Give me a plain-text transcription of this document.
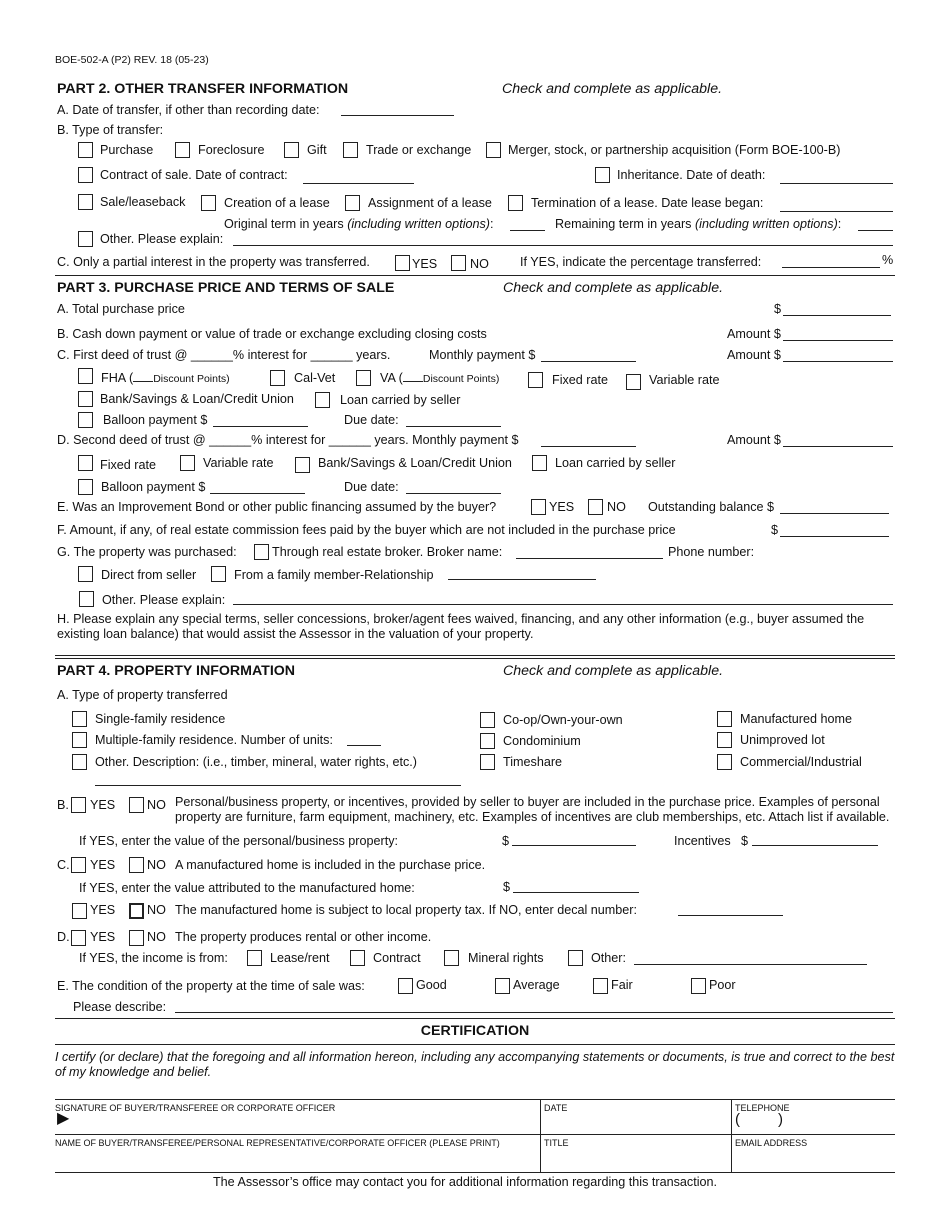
BOE-502-A (P2) REV. 18 (05-23)
PART 2. OTHER TRANSFER INFORMATION	Check and complete as applicable.
A. Date of transfer, if other than recording date:
B. Type of transfer:
Purchase	Foreclosure	Gift	Trade or exchange	Merger, stock, or partnership acquisition (Form BOE-100-B)
Contract of sale. Date of contract:	Inheritance. Date of death:
Sale/leaseback	Creation of a lease	Assignment of a lease	Termination of a lease. Date lease began:
Original term in years (including written options):	Remaining term in years (including written options):
Other. Please explain:
C. Only a partial interest in the property was transferred.	YES	NO If YES, indicate the percentage transferred:	%
PART 3. PURCHASE PRICE AND TERMS OF SALE	Check and complete as applicable.
A. Total purchase price	$
B. Cash down payment or value of trade or exchange excluding closing costs	Amount $
C. First deed of trust @ ______% interest for ______ years.	Monthly payment $	Amount $
FHA ( Discount Points)	Cal-Vet	VA ( Discount Points)	Fixed rate	Variable rate
Bank/Savings & Loan/Credit Union	Loan carried by seller
Balloon payment $	Due date:
D. Second deed of trust @ ______% interest for ______ years. Monthly payment $	Amount $
Fixed rate	Variable rate	Bank/Savings & Loan/Credit Union	Loan carried by seller
Balloon payment $	Due date:
E. Was an Improvement Bond or other public financing assumed by the buyer?	YES	NO Outstanding balance $
F. Amount, if any, of real estate commission fees paid by the buyer which are not included in the purchase price	$
G. The property was purchased:	Through real estate broker. Broker name:	Phone number:
Direct from seller	From a family member-Relationship
Other. Please explain:
H. Please explain any special terms, seller concessions, broker/agent fees waived, financing, and any other information (e.g., buyer assumed the existing loan balance) that would assist the Assessor in the valuation of your property.
PART 4. PROPERTY INFORMATION	Check and complete as applicable.
A. Type of property transferred
Single-family residence
Multiple-family residence. Number of units:
Other. Description: (i.e., timber, mineral, water rights, etc.)
Co-op/Own-your-own
Condominium
Timeshare
Manufactured home
Unimproved lot
Commercial/Industrial
B. YES	NO Personal/business property, or incentives, provided by seller to buyer are included in the purchase price. Examples of personal property are furniture, farm equipment, machinery, etc. Examples of incentives are club memberships, etc. Attach list if available.
If YES, enter the value of the personal/business property:	$	Incentives $
C. YES	NO A manufactured home is included in the purchase price.
If YES, enter the value attributed to the manufactured home:	$
YES	NO The manufactured home is subject to local property tax. If NO, enter decal number:
D. YES	NO The property produces rental or other income.
If YES, the income is from:	Lease/rent	Contract	Mineral rights	Other:
E. The condition of the property at the time of sale was:	Good	Average	Fair	Poor
Please describe:
CERTIFICATION
I certify (or declare) that the foregoing and all information hereon, including any accompanying statements or documents, is true and correct to the best of my knowledge and belief.
SIGNATURE OF BUYER/TRANSFEREE OR CORPORATE OFFICER
▶
DATE	TELEPHONE
(	)
NAME OF BUYER/TRANSFEREE/PERSONAL REPRESENTATIVE/CORPORATE OFFICER (PLEASE PRINT)	TITLE	EMAIL ADDRESS
The Assessor’s office may contact you for additional information regarding this transaction.
